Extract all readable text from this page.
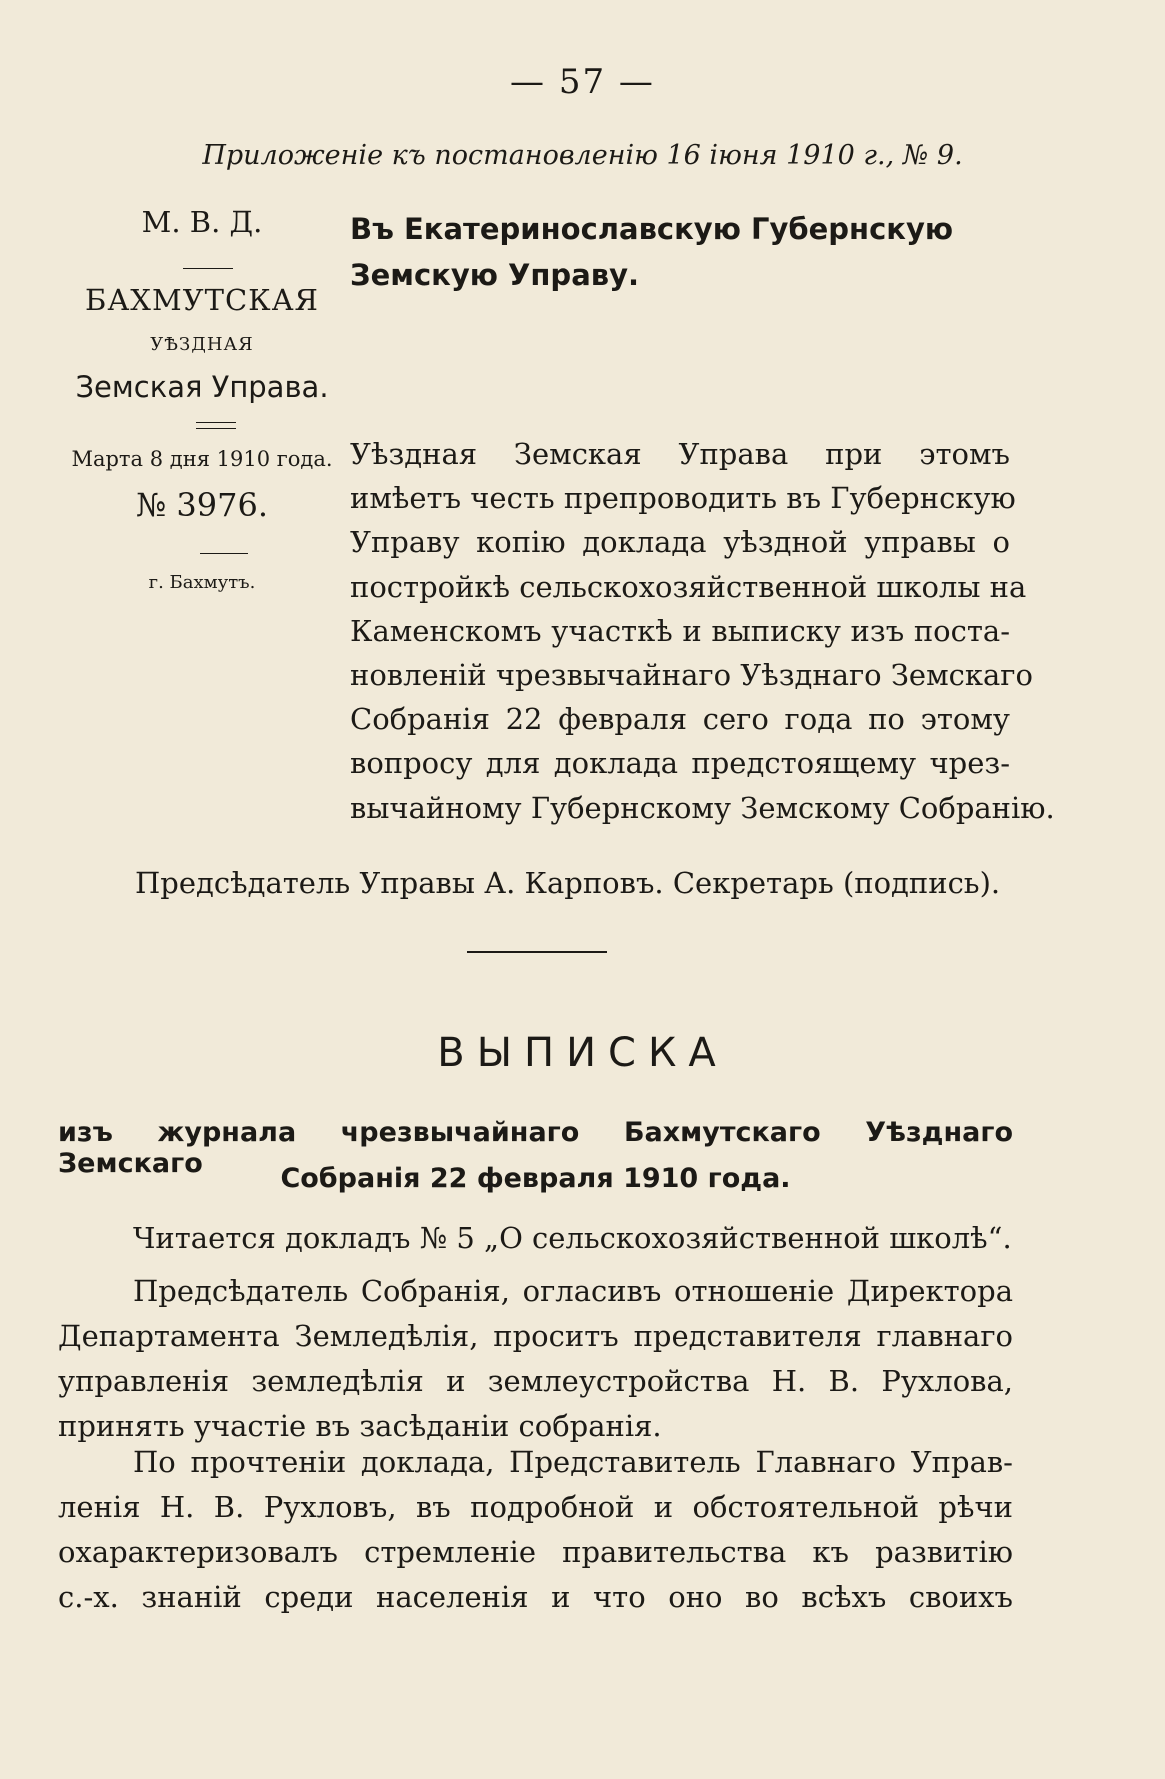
— 57 —
Приложеніе къ постановленію 16 іюня 1910 г., № 9.
М. В. Д.
БАХМУТСКАЯ
УѢЗДНАЯ
Земская Управа.
Марта 8 дня 1910 года.
№ 3976.
г. Бахмутъ.
Въ Екатеринославскую Губернскую
Земскую Управу.
Уѣздная Земская Управа при этомъ
имѣетъ честь препроводить въ Губернскую
Управу копію доклада уѣздной управы о
постройкѣ сельскохозяйственной школы на
Каменскомъ участкѣ и выписку изъ поста-
новленій чрезвычайнаго Уѣзднаго Земскаго
Собранія 22 февраля сего года по этому
вопросу для доклада предстоящему чрез-
вычайному Губернскому Земскому Собранію.
Предсѣдатель Управы А. Карповъ. Секретарь (подпись).
ВЫПИСКА
изъ журнала чрезвычайнаго Бахмутскаго Уѣзднаго Земскаго	Собранія 22 февраля 1910 года.
Читается докладъ № 5 „О сельскохозяйственной школѣ“.
Предсѣдатель Собранія, огласивъ отношеніе Директора
Департамента Земледѣлія, проситъ представителя главнаго
управленія земледѣлія и землеустройства Н. В. Рухлова,
принять участіе въ засѣданіи собранія.
По прочтеніи доклада, Представитель Главнаго Управ-
ленія Н. В. Рухловъ, въ подробной и обстоятельной рѣчи
охарактеризовалъ стремленіе правительства къ развитію
с.-х. знаній среди населенія и что оно во всѣхъ своихъ
